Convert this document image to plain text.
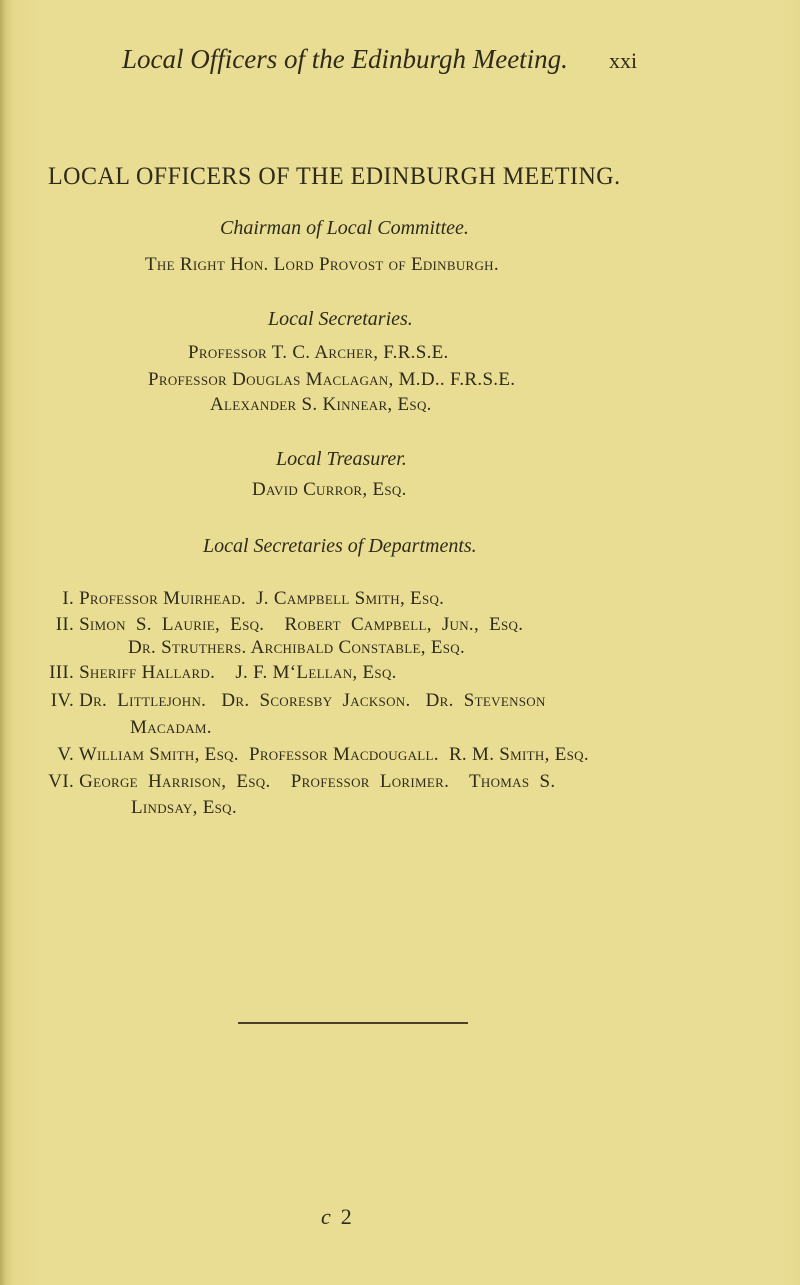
Local Officers of the Edinburgh Meeting. xxi
LOCAL OFFICERS OF THE EDINBURGH MEETING.
Chairman of Local Committee.
The Right Hon. Lord Provost of Edinburgh.
Local Secretaries.
Professor T. C. Archer, F.R.S.E.
Professor Douglas Maclagan, M.D.. F.R.S.E.
Alexander S. Kinnear, Esq.
Local Treasurer.
David Curror, Esq.
Local Secretaries of Departments.
I. Professor Muirhead.  J. Campbell Smith, Esq.
II. Simon  S.  Laurie,  Esq.    Robert  Campbell,  Jun.,  Esq.
Dr. Struthers. Archibald Constable, Esq.
III. Sheriff Hallard.    J. F. M‘Lellan, Esq.
IV. Dr.  Littlejohn.   Dr.  Scoresby  Jackson.   Dr.  Stevenson
Macadam.
V. William Smith, Esq.  Professor Macdougall.  R. M. Smith, Esq.
VI. George  Harrison,  Esq.    Professor  Lorimer.    Thomas  S.
Lindsay, Esq.
c 2
